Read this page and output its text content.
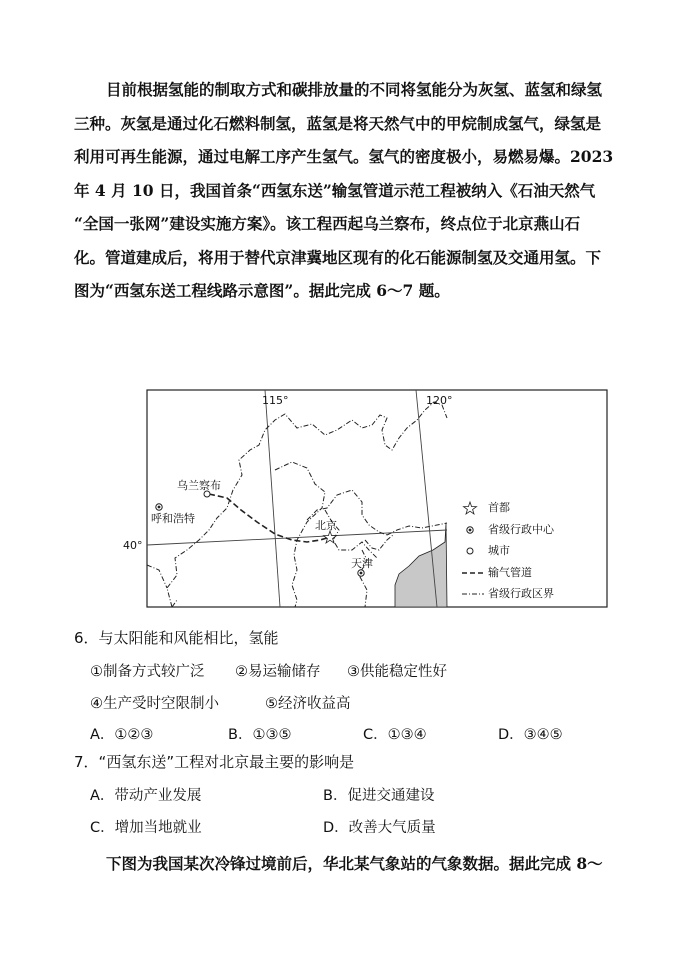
目前根据氢能的制取方式和碳排放量的不同将氢能分为灰氢、蓝氢和绿氢

三种。灰氢是通过化石燃料制氢，蓝氢是将天然气中的甲烷制成氢气，绿氢是

利用可再生能源，通过电解工序产生氢气。氢气的密度极小，易燃易爆。2023

年 4 月 10 日，我国首条“西氢东送”输氢管道示范工程被纳入《石油天然气

“全国一张网”建设实施方案》。该工程西起乌兰察布，终点位于北京燕山石

化。管道建成后，将用于替代京津冀地区现有的化石能源制氢及交通用氢。下

图为“西氢东送工程线路示意图”。据此完成 6～7 题。

115°	120°
40°
乌兰察布
呼和浩特
北京
天津
首都
省级行政中心
城市
输气管道
省级行政区界
6．与太阳能和风能相比，氢能
①制备方式较广泛 ②易运输储存 ③供能稳定性好
④生产受时空限制小	⑤经济收益高
A．①②③	B．①③⑤	C．①③④	D．③④⑤
7．“西氢东送”工程对北京最主要的影响是
A．带动产业发展	B．促进交通建设
C．增加当地就业	D．改善大气质量

下图为我国某次冷锋过境前后，华北某气象站的气象数据。据此完成 8～
